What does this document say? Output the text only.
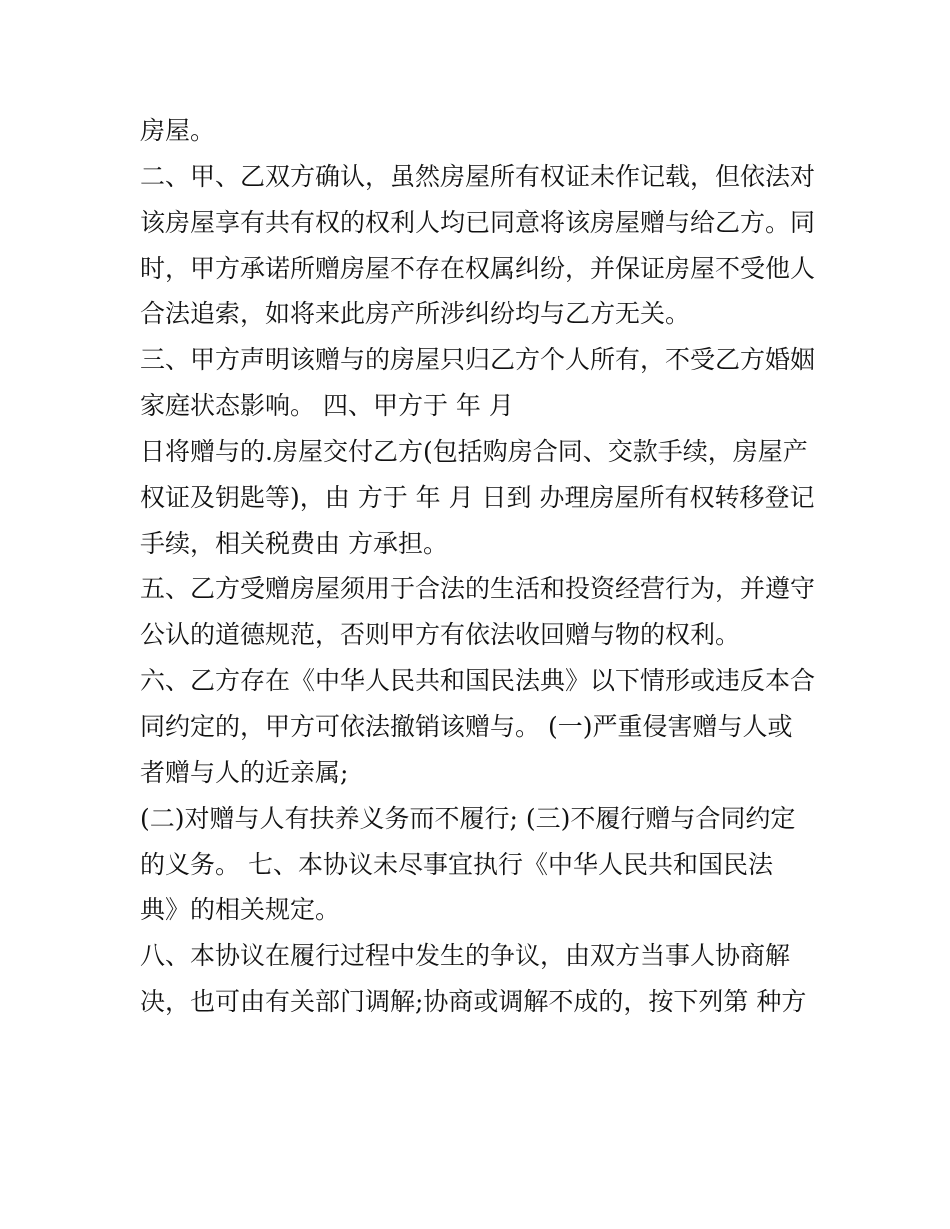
房屋。
二、甲、乙双方确认，虽然房屋所有权证未作记载，但依法对
该房屋享有共有权的权利人均已同意将该房屋赠与给乙方。同
时，甲方承诺所赠房屋不存在权属纠纷，并保证房屋不受他人
合法追索，如将来此房产所涉纠纷均与乙方无关。
三、甲方声明该赠与的房屋只归乙方个人所有，不受乙方婚姻
家庭状态影响。 四、甲方于 年 月
日将赠与的.房屋交付乙方(包括购房合同、交款手续，房屋产
权证及钥匙等)，由 方于 年 月 日到 办理房屋所有权转移登记
手续，相关税费由 方承担。
五、乙方受赠房屋须用于合法的生活和投资经营行为，并遵守
公认的道德规范，否则甲方有依法收回赠与物的权利。
六、乙方存在《中华人民共和国民法典》以下情形或违反本合
同约定的，甲方可依法撤销该赠与。 (一)严重侵害赠与人或
者赠与人的近亲属;
(二)对赠与人有扶养义务而不履行; (三)不履行赠与合同约定
的义务。 七、本协议未尽事宜执行《中华人民共和国民法
典》的相关规定。
八、本协议在履行过程中发生的争议，由双方当事人协商解
决，也可由有关部门调解;协商或调解不成的，按下列第 种方
